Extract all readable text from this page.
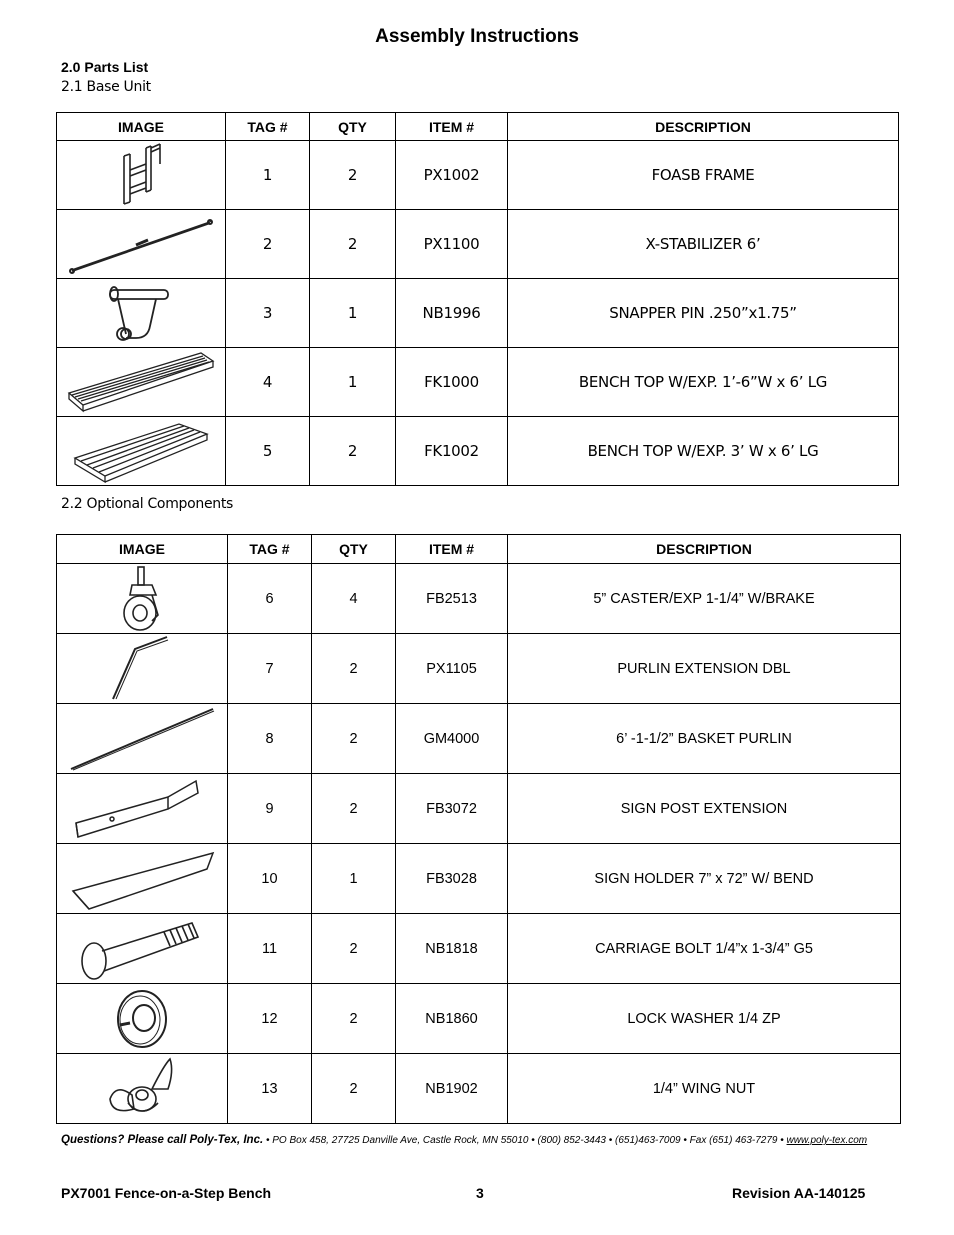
Assembly Instructions
2.0 Parts List
2.1 Base Unit
IMAGE	TAG #	QTY	ITEM #	DESCRIPTION

	1	2	PX1002	FOASB FRAME

	2	2	PX1100	X-STABILIZER 6’

	3	1	NB1996	SNAPPER PIN .250”x1.75”

	4	1	FK1000	BENCH TOP W/EXP. 1’-6”W x 6’ LG

	5	2	FK1002	BENCH TOP W/EXP. 3’ W x 6’ LG
2.2 Optional Components
IMAGE	TAG #	QTY	ITEM #	DESCRIPTION

	6	4	FB2513	5” CASTER/EXP 1-1/4” W/BRAKE

	7	2	PX1105	PURLIN EXTENSION DBL

	8	2	GM4000	6’ -1-1/2” BASKET PURLIN

	9	2	FB3072	SIGN POST EXTENSION

	10	1	FB3028	SIGN HOLDER 7” x 72” W/ BEND

	11	2	NB1818	CARRIAGE BOLT 1/4”x 1-3/4” G5

	12	2	NB1860	LOCK WASHER 1/4 ZP

	13	2	NB1902	1/4” WING NUT
Questions? Please call Poly-Tex, Inc. • PO Box 458, 27725 Danville Ave, Castle Rock, MN 55010 • (800) 852-3443 • (651)463-7009 • Fax (651) 463-7279 • www.poly-tex.com
PX7001 Fence-on-a-Step Bench	3	Revision AA-140125
